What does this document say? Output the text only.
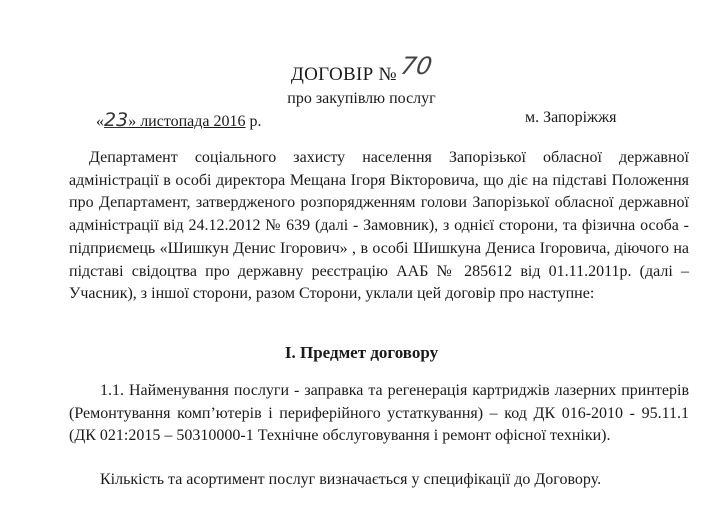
ДОГОВІР №70
про закупівлю послуг
«23» листопада 2016 р.	м. Запоріжжя

Департамент соціального захисту населення Запорізької обласної державної адміністрації в особі директора Мещана Ігоря Вікторовича, що діє на підставі Положення про Департамент, затвердженого розпорядженням голови Запорізької обласної державної адміністрації від 24.12.2012 № 639 (далі - Замовник), з однієї сторони, та фізична особа - підприємець «Шишкун Денис Ігорович» , в особі Шишкуна Дениса Ігоровича, діючого на підставі свідоцтва про державну реєстрацію ААБ № 285612 від 01.11.2011р. (далі – Учасник), з іншої сторони, разом Сторони, уклали цей договір про наступне:

І. Предмет договору

1.1. Найменування послуги - заправка та регенерація картриджів лазерних принтерів (Ремонтування комп’ютерів і периферійного устаткування) – код ДК 016-2010 - 95.11.1 (ДК 021:2015 – 50310000-1 Технічне обслуговування і ремонт офісної техніки).

Кількість та асортимент послуг визначається у специфікації до Договору.
